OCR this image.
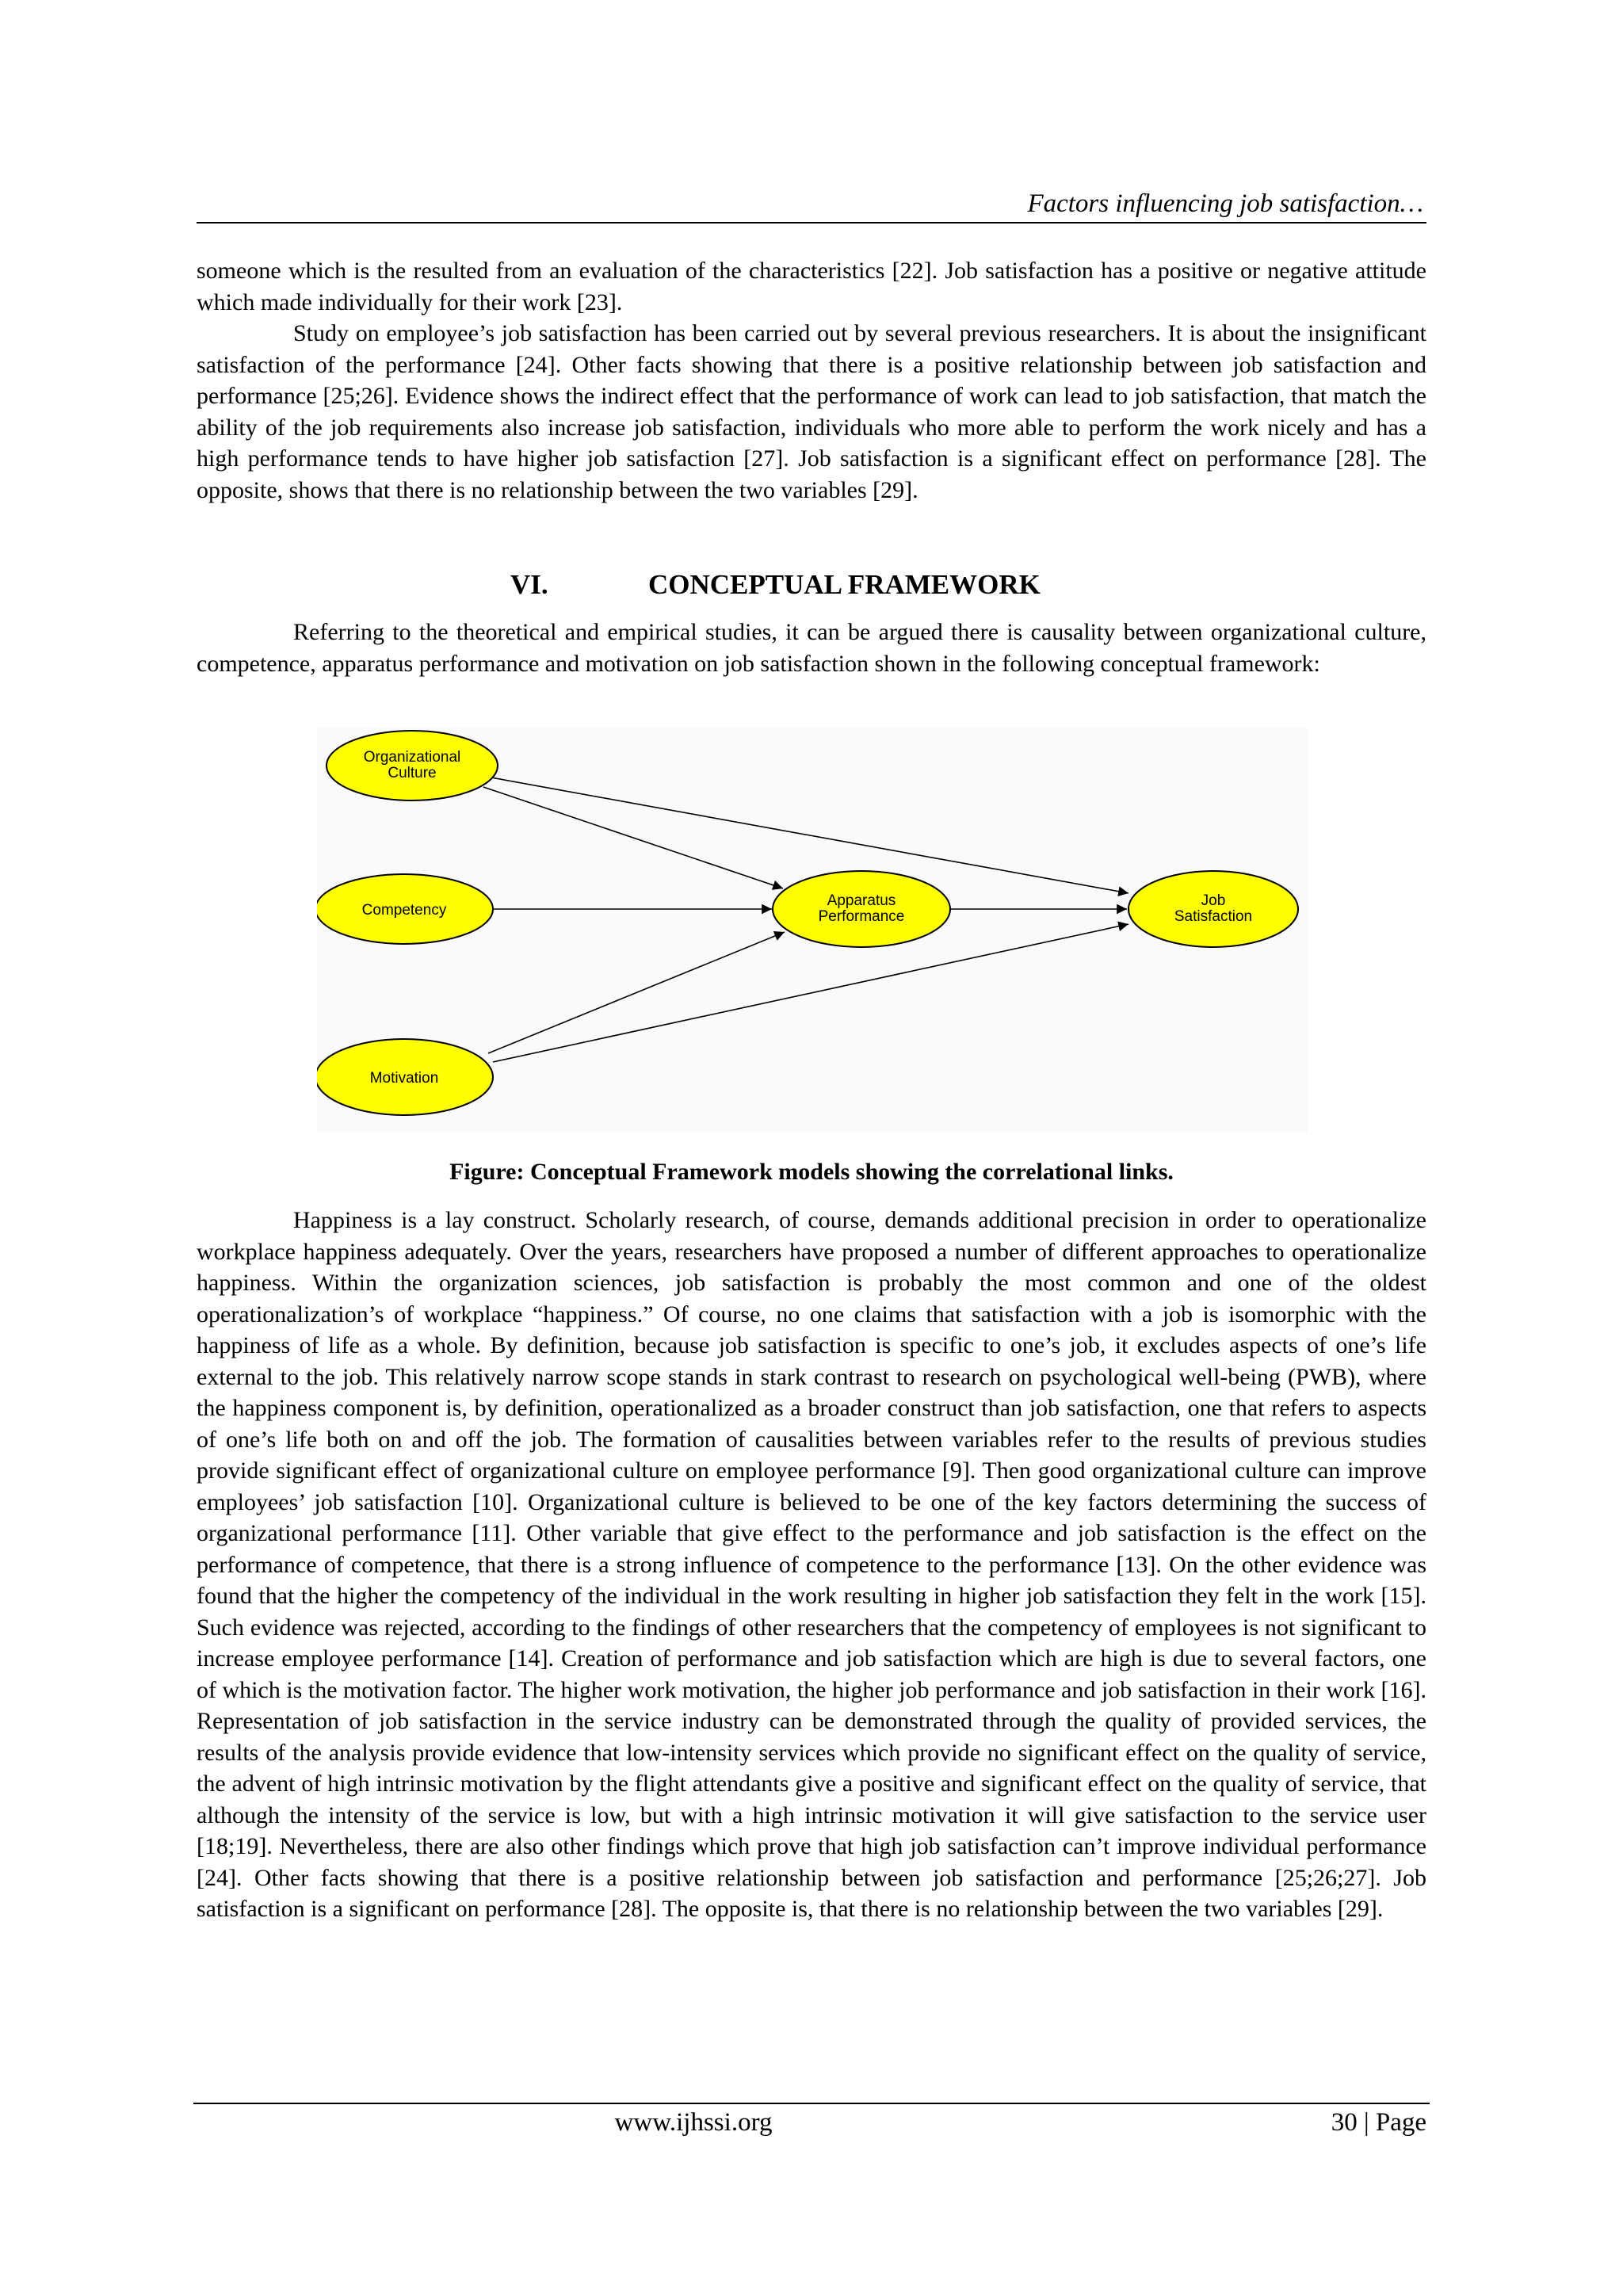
Factors influencing job satisfaction…

someone which is the resulted from an evaluation of the characteristics [22]. Job satisfaction has a positive or negative attitude which made individually for their work [23].

Study on employee’s job satisfaction has been carried out by several previous researchers. It is about the insignificant satisfaction of the performance [24]. Other facts showing that there is a positive relationship between job satisfaction and performance [25;26]. Evidence shows the indirect effect that the performance of work can lead to job satisfaction, that match the ability of the job requirements also increase job satisfaction, individuals who more able to perform the work nicely and has a high performance tends to have higher job satisfaction [27]. Job satisfaction is a significant effect on performance [28]. The opposite, shows that there is no relationship between the two variables [29].

VI.	CONCEPTUAL FRAMEWORK

Referring to the theoretical and empirical studies, it can be argued there is causality between organizational culture, competence, apparatus performance and motivation on job satisfaction shown in the following conceptual framework:

Organizational
Culture
Competency
Motivation
Apparatus
Performance
Job
Satisfaction
Figure: Conceptual Framework models showing the correlational links.

Happiness is a lay construct. Scholarly research, of course, demands additional precision in order to operationalize workplace happiness adequately. Over the years, researchers have proposed a number of different approaches to operationalize happiness. Within the organization sciences, job satisfaction is probably the most common and one of the oldest operationalization’s of workplace “happiness.” Of course, no one claims that satisfaction with a job is isomorphic with the happiness of life as a whole. By definition, because job satisfaction is specific to one’s job, it excludes aspects of one’s life external to the job. This relatively narrow scope stands in stark contrast to research on psychological well-being (PWB), where the happiness component is, by definition, operationalized as a broader construct than job satisfaction, one that refers to aspects of one’s life both on and off the job. The formation of causalities between variables refer to the results of previous studies provide significant effect of organizational culture on employee performance [9]. Then good organizational culture can improve employees’ job satisfaction [10]. Organizational culture is believed to be one of the key factors determining the success of organizational performance [11]. Other variable that give effect to the performance and job satisfaction is the effect on the performance of competence, that there is a strong influence of competence to the performance [13]. On the other evidence was found that the higher the competency of the individual in the work resulting in higher job satisfaction they felt in the work [15]. Such evidence was rejected, according to the findings of other researchers that the competency of employees is not significant to increase employee performance [14]. Creation of performance and job satisfaction which are high is due to several factors, one of which is the motivation factor. The higher work motivation, the higher job performance and job satisfaction in their work [16]. Representation of job satisfaction in the service industry can be demonstrated through the quality of provided services, the results of the analysis provide evidence that low-intensity services which provide no significant effect on the quality of service, the advent of high intrinsic motivation by the flight attendants give a positive and significant effect on the quality of service, that although the intensity of the service is low, but with a high intrinsic motivation it will give satisfaction to the service user [18;19]. Nevertheless, there are also other findings which prove that high job satisfaction can’t improve individual performance [24]. Other facts showing that there is a positive relationship between job satisfaction and performance [25;26;27]. Job satisfaction is a significant on performance [28]. The opposite is, that there is no relationship between the two variables [29].

www.ijhssi.org	30 | Page
